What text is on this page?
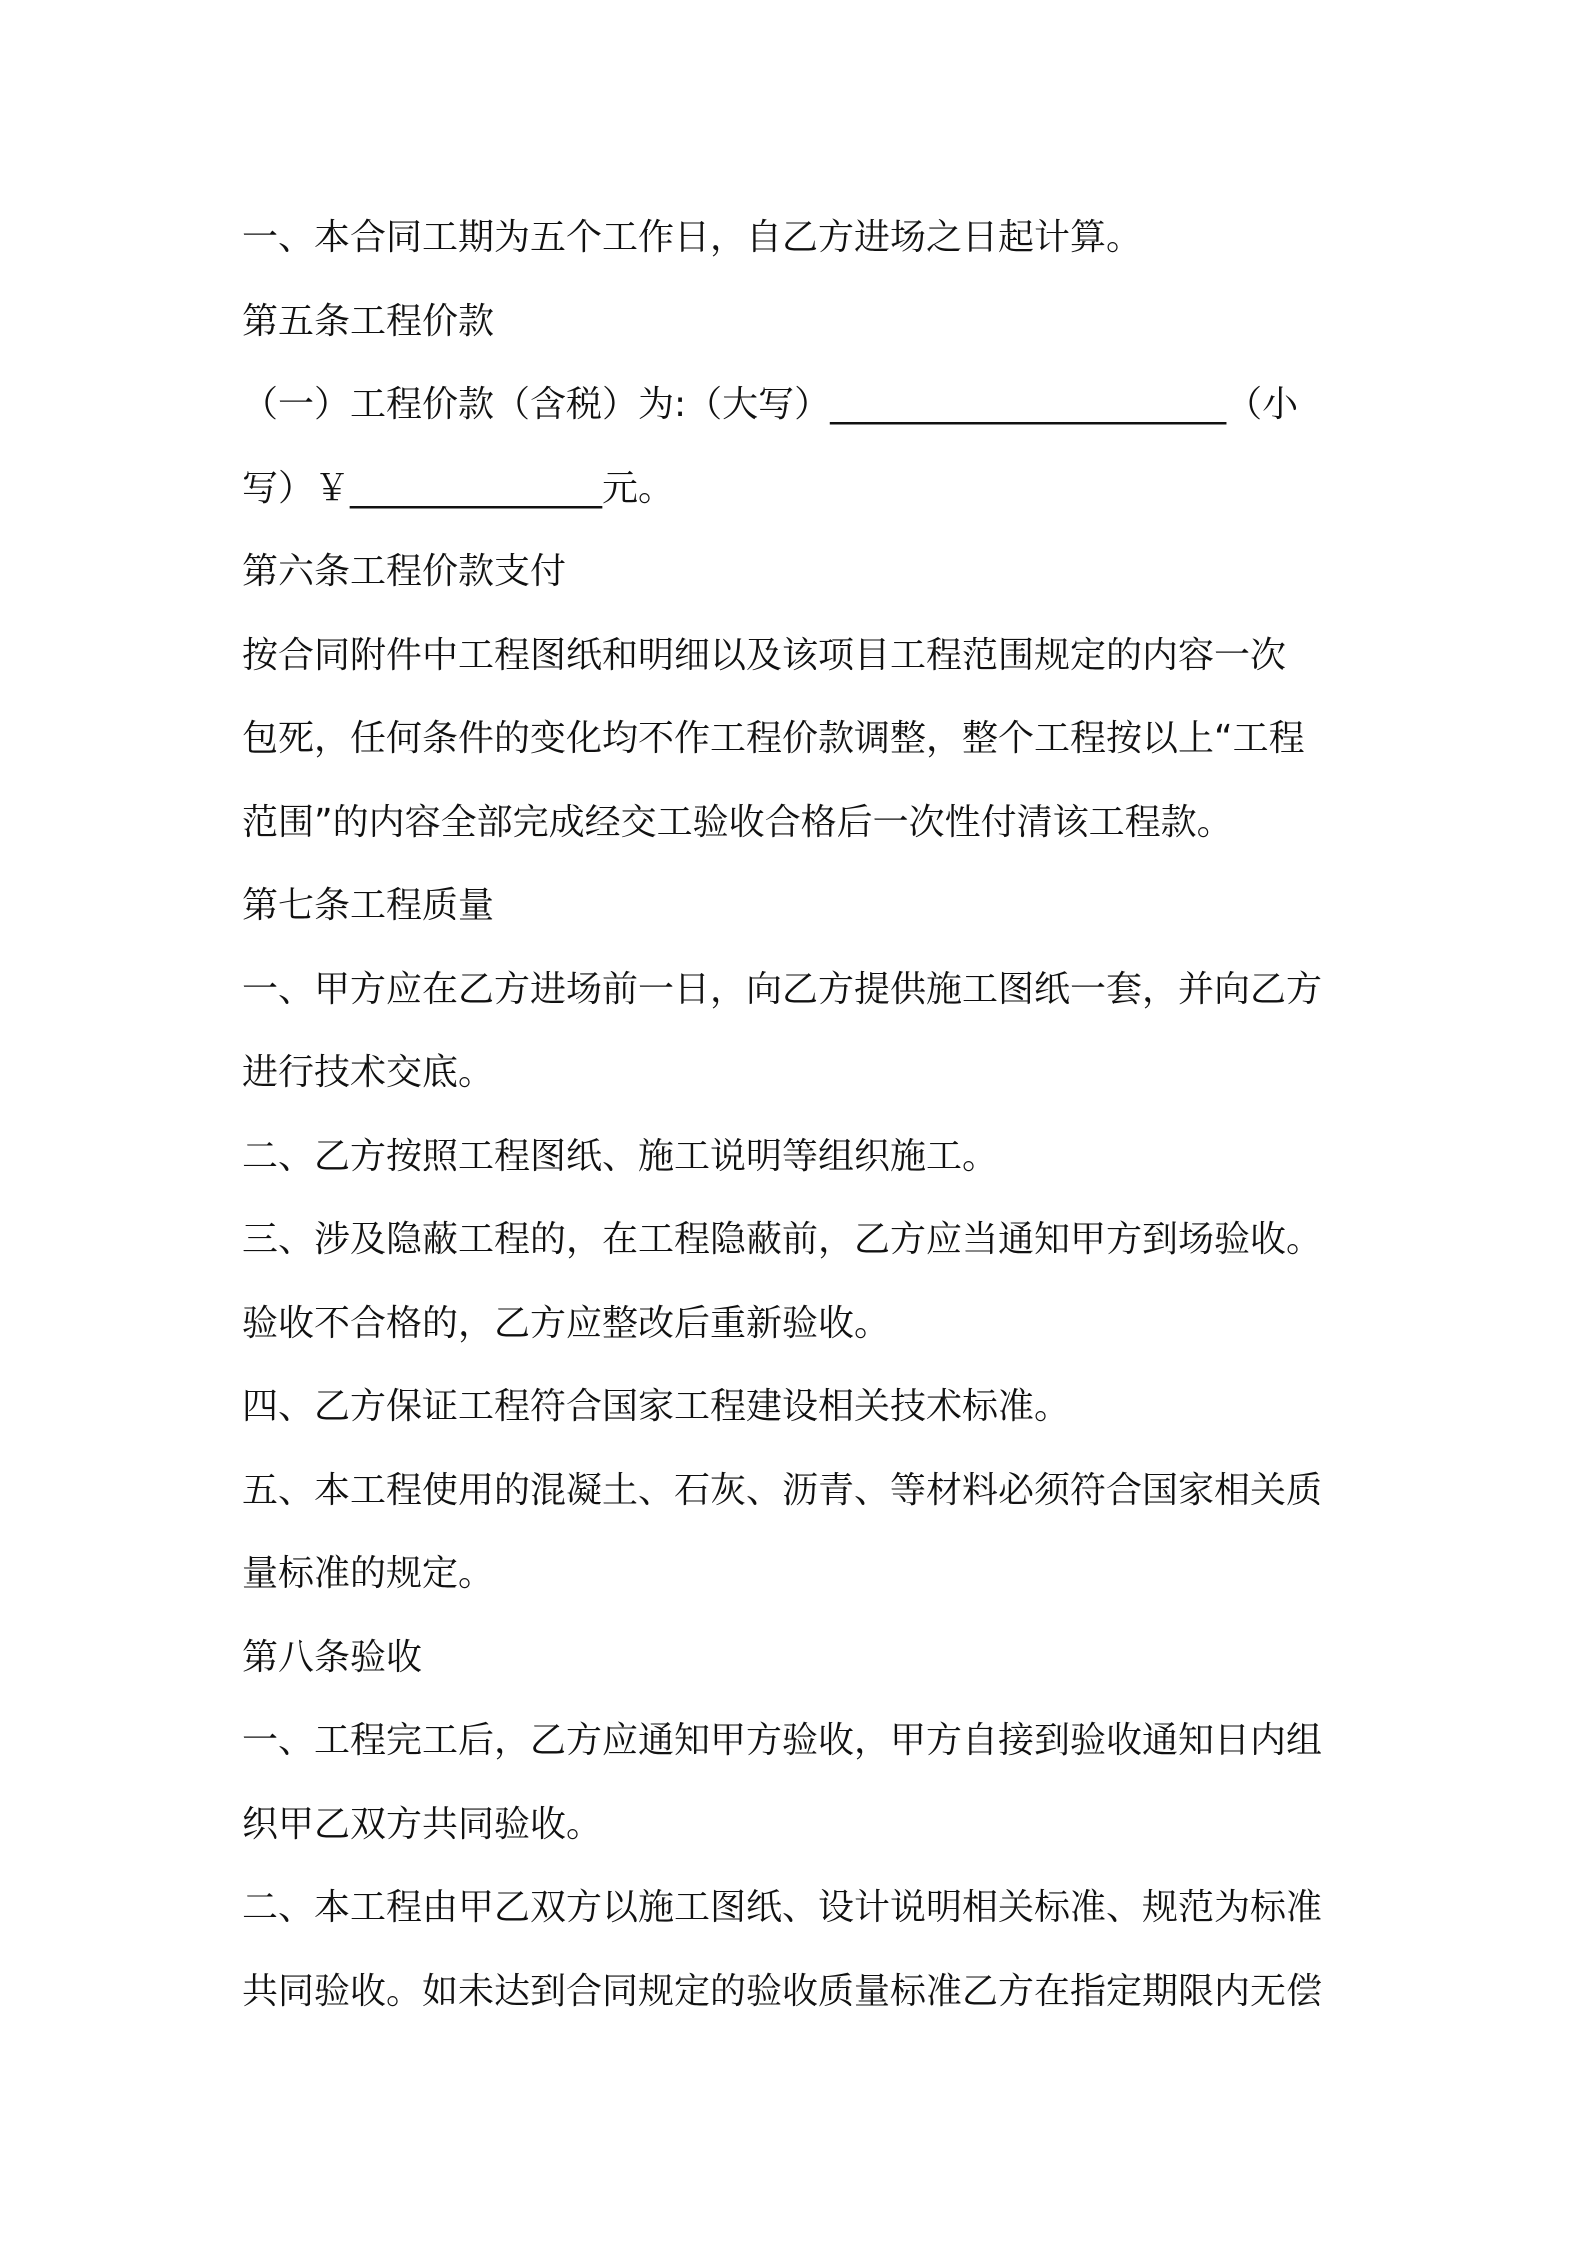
一、本合同工期为五个工作日，自乙方进场之日起计算。
第五条工程价款
（一）工程价款（含税）为:（大写）______________________（小
写）￥______________元。
第六条工程价款支付
按合同附件中工程图纸和明细以及该项目工程范围规定的内容一次
包死，任何条件的变化均不作工程价款调整，整个工程按以上“工程
范围”的内容全部完成经交工验收合格后一次性付清该工程款。
第七条工程质量
一、甲方应在乙方进场前一日，向乙方提供施工图纸一套，并向乙方
进行技术交底。
二、乙方按照工程图纸、施工说明等组织施工。
三、涉及隐蔽工程的，在工程隐蔽前，乙方应当通知甲方到场验收。
验收不合格的，乙方应整改后重新验收。
四、乙方保证工程符合国家工程建设相关技术标准。
五、本工程使用的混凝土、石灰、沥青、等材料必须符合国家相关质
量标准的规定。
第八条验收
一、工程完工后，乙方应通知甲方验收，甲方自接到验收通知日内组
织甲乙双方共同验收。
二、本工程由甲乙双方以施工图纸、设计说明相关标准、规范为标准
共同验收。如未达到合同规定的验收质量标准乙方在指定期限内无偿
